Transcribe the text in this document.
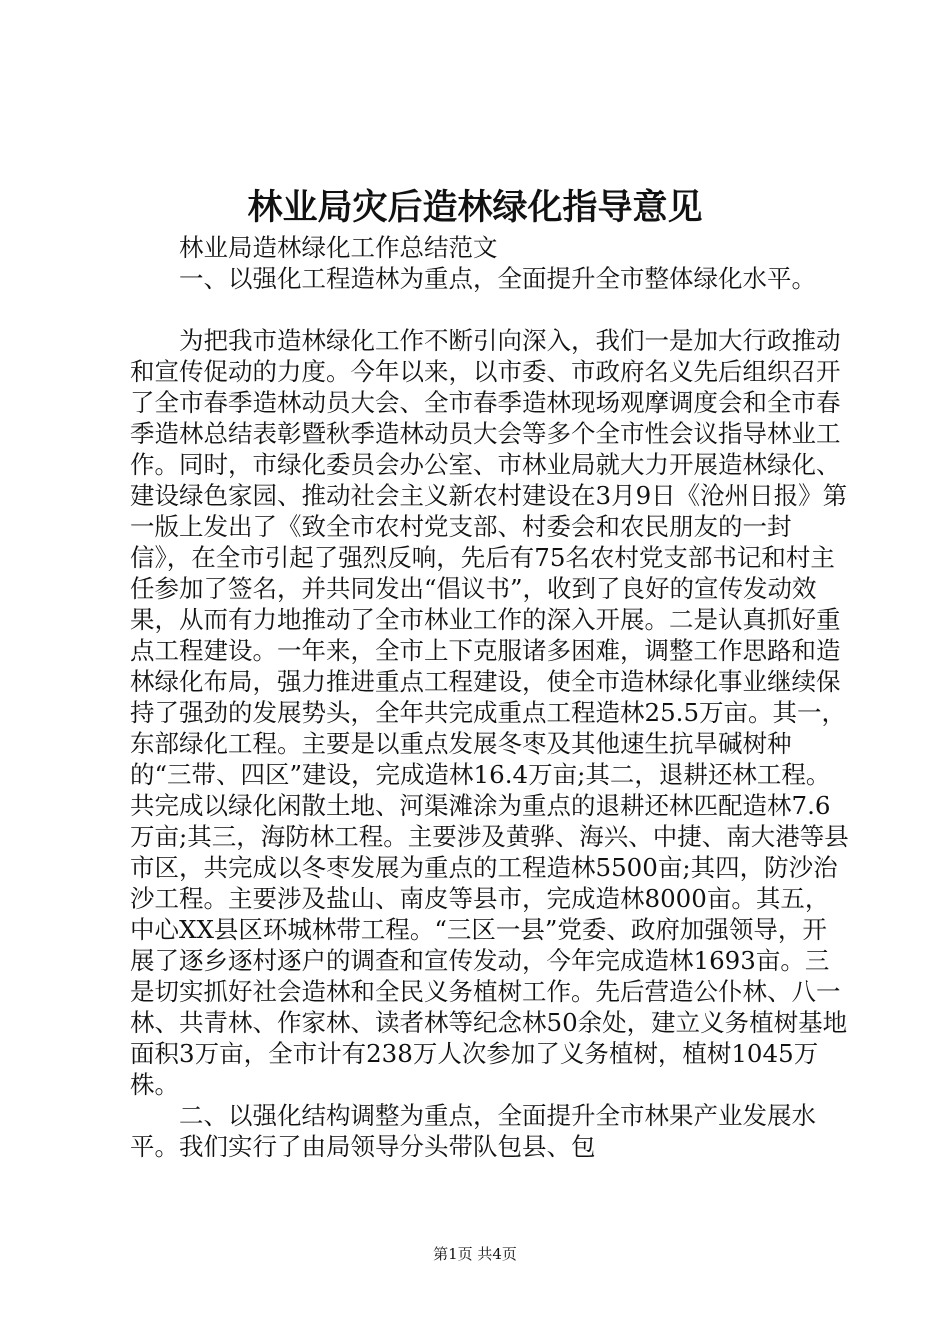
林业局灾后造林绿化指导意见

林业局造林绿化工作总结范文

一、以强化工程造林为重点，全面提升全市整体绿化水平。

为把我市造林绿化工作不断引向深入，我们一是加大行政推动和宣传促动的力度。今年以来，以市委、市政府名义先后组织召开了全市春季造林动员大会、全市春季造林现场观摩调度会和全市春季造林总结表彰暨秋季造林动员大会等多个全市性会议指导林业工作。同时，市绿化委员会办公室、市林业局就大力开展造林绿化、建设绿色家园、推动社会主义新农村建设在3月9日《沧州日报》第一版上发出了《致全市农村党支部、村委会和农民朋友的一封信》，在全市引起了强烈反响，先后有75名农村党支部书记和村主任参加了签名，并共同发出“倡议书”，收到了良好的宣传发动效果，从而有力地推动了全市林业工作的深入开展。二是认真抓好重点工程建设。一年来，全市上下克服诸多困难，调整工作思路和造林绿化布局，强力推进重点工程建设，使全市造林绿化事业继续保持了强劲的发展势头，全年共完成重点工程造林25.5万亩。其一，东部绿化工程。主要是以重点发展冬枣及其他速生抗旱碱树种的“三带、四区”建设，完成造林16.4万亩;其二，退耕还林工程。共完成以绿化闲散土地、河渠滩涂为重点的退耕还林匹配造林7.6万亩;其三，海防林工程。主要涉及黄骅、海兴、中捷、南大港等县市区，共完成以冬枣发展为重点的工程造林5500亩;其四，防沙治沙工程。主要涉及盐山、南皮等县市，完成造林8000亩。其五，中心XX县区环城林带工程。“三区一县”党委、政府加强领导，开展了逐乡逐村逐户的调查和宣传发动，今年完成造林1693亩。三是切实抓好社会造林和全民义务植树工作。先后营造公仆林、八一林、共青林、作家林、读者林等纪念林50余处，建立义务植树基地面积3万亩，全市计有238万人次参加了义务植树，植树1045万株。

二、以强化结构调整为重点，全面提升全市林果产业发展水平。我们实行了由局领导分头带队包县、包

第1页 共4页
